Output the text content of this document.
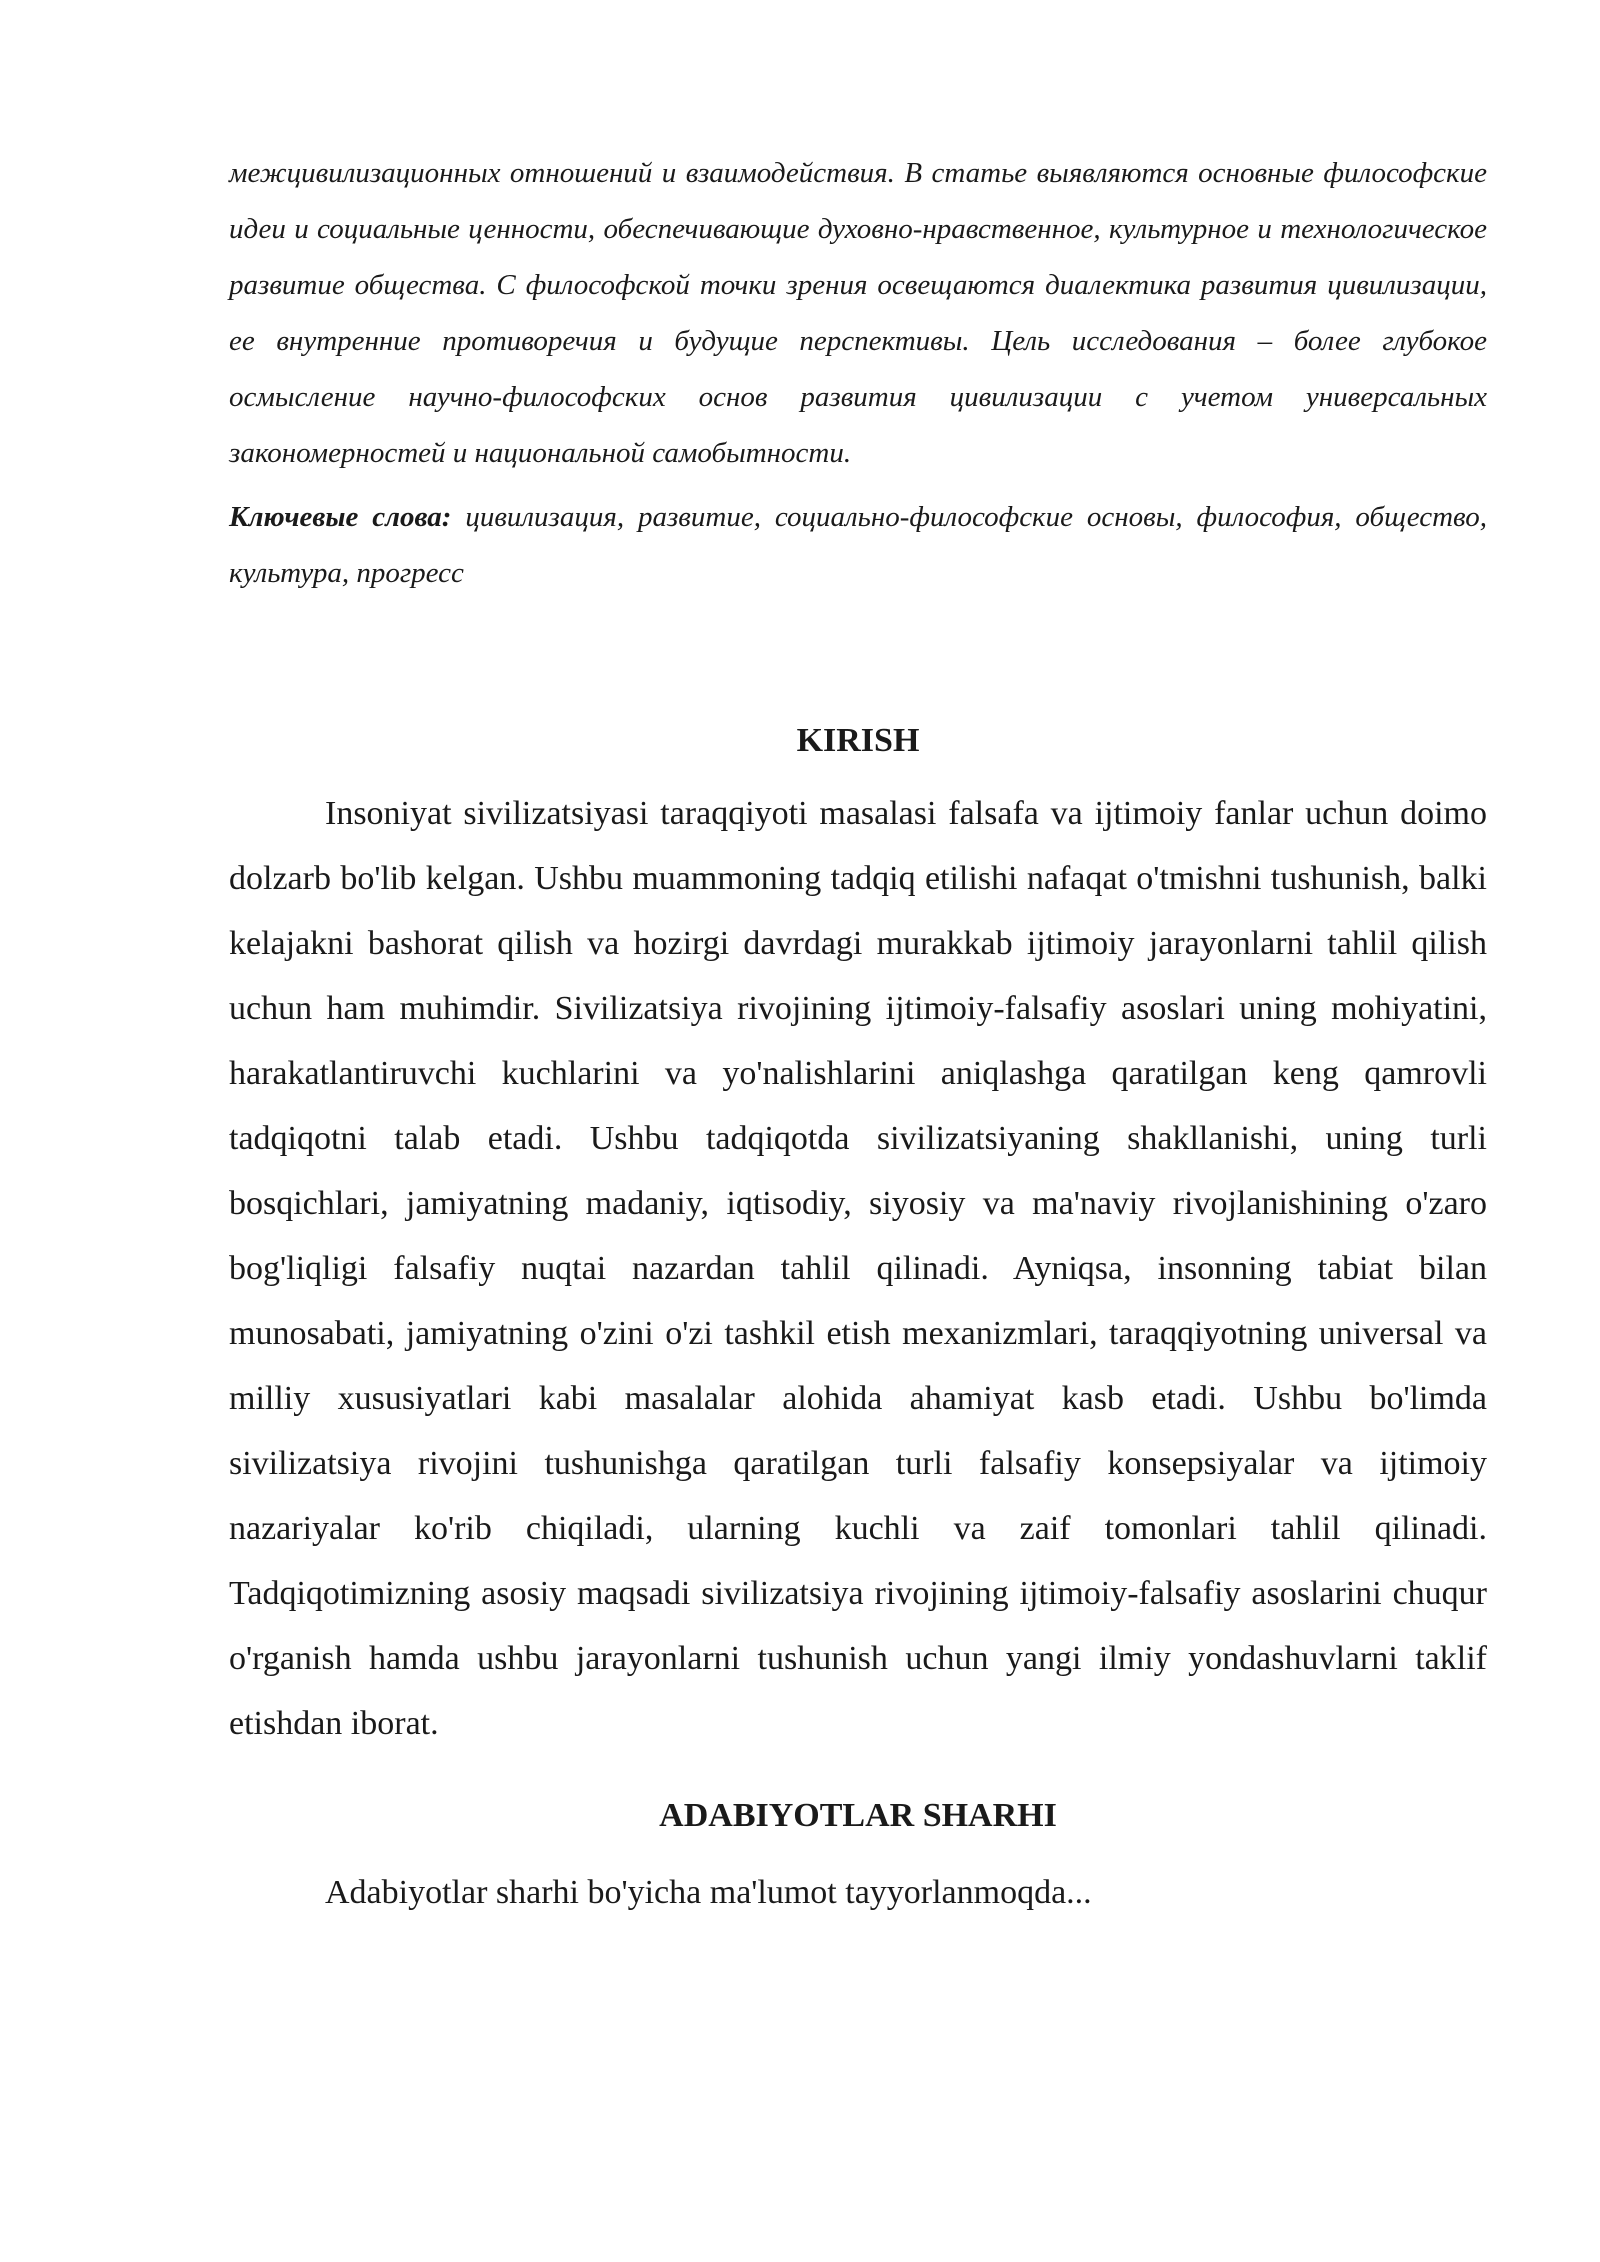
межцивилизационных отношений и взаимодействия. В статье выявляются основные философские идеи и социальные ценности, обеспечивающие духовно-нравственное, культурное и технологическое развитие общества. С философской точки зрения освещаются диалектика развития цивилизации, ее внутренние противоречия и будущие перспективы. Цель исследования – более глубокое осмысление научно-философских основ развития цивилизации с учетом универсальных закономерностей и национальной самобытности.

Ключевые слова: цивилизация, развитие, социально-философские основы, философия, общество, культура, прогресс

KIRISH

Insoniyat sivilizatsiyasi taraqqiyoti masalasi falsafa va ijtimoiy fanlar uchun doimo dolzarb bo'lib kelgan. Ushbu muammoning tadqiq etilishi nafaqat o'tmishni tushunish, balki kelajakni bashorat qilish va hozirgi davrdagi murakkab ijtimoiy jarayonlarni tahlil qilish uchun ham muhimdir. Sivilizatsiya rivojining ijtimoiy-falsafiy asoslari uning mohiyatini, harakatlantiruvchi kuchlarini va yo'nalishlarini aniqlashga qaratilgan keng qamrovli tadqiqotni talab etadi. Ushbu tadqiqotda sivilizatsiyaning shakllanishi, uning turli bosqichlari, jamiyatning madaniy, iqtisodiy, siyosiy va ma'naviy rivojlanishining o'zaro bog'liqligi falsafiy nuqtai nazardan tahlil qilinadi. Ayniqsa, insonning tabiat bilan munosabati, jamiyatning o'zini o'zi tashkil etish mexanizmlari, taraqqiyotning universal va milliy xususiyatlari kabi masalalar alohida ahamiyat kasb etadi. Ushbu bo'limda sivilizatsiya rivojini tushunishga qaratilgan turli falsafiy konsepsiyalar va ijtimoiy nazariyalar ko'rib chiqiladi, ularning kuchli va zaif tomonlari tahlil qilinadi. Tadqiqotimizning asosiy maqsadi sivilizatsiya rivojining ijtimoiy-falsafiy asoslarini chuqur o'rganish hamda ushbu jarayonlarni tushunish uchun yangi ilmiy yondashuvlarni taklif etishdan iborat.

ADABIYOTLAR SHARHI

Adabiyotlar sharhi bo'yicha ma'lumot tayyorlanmoqda...
